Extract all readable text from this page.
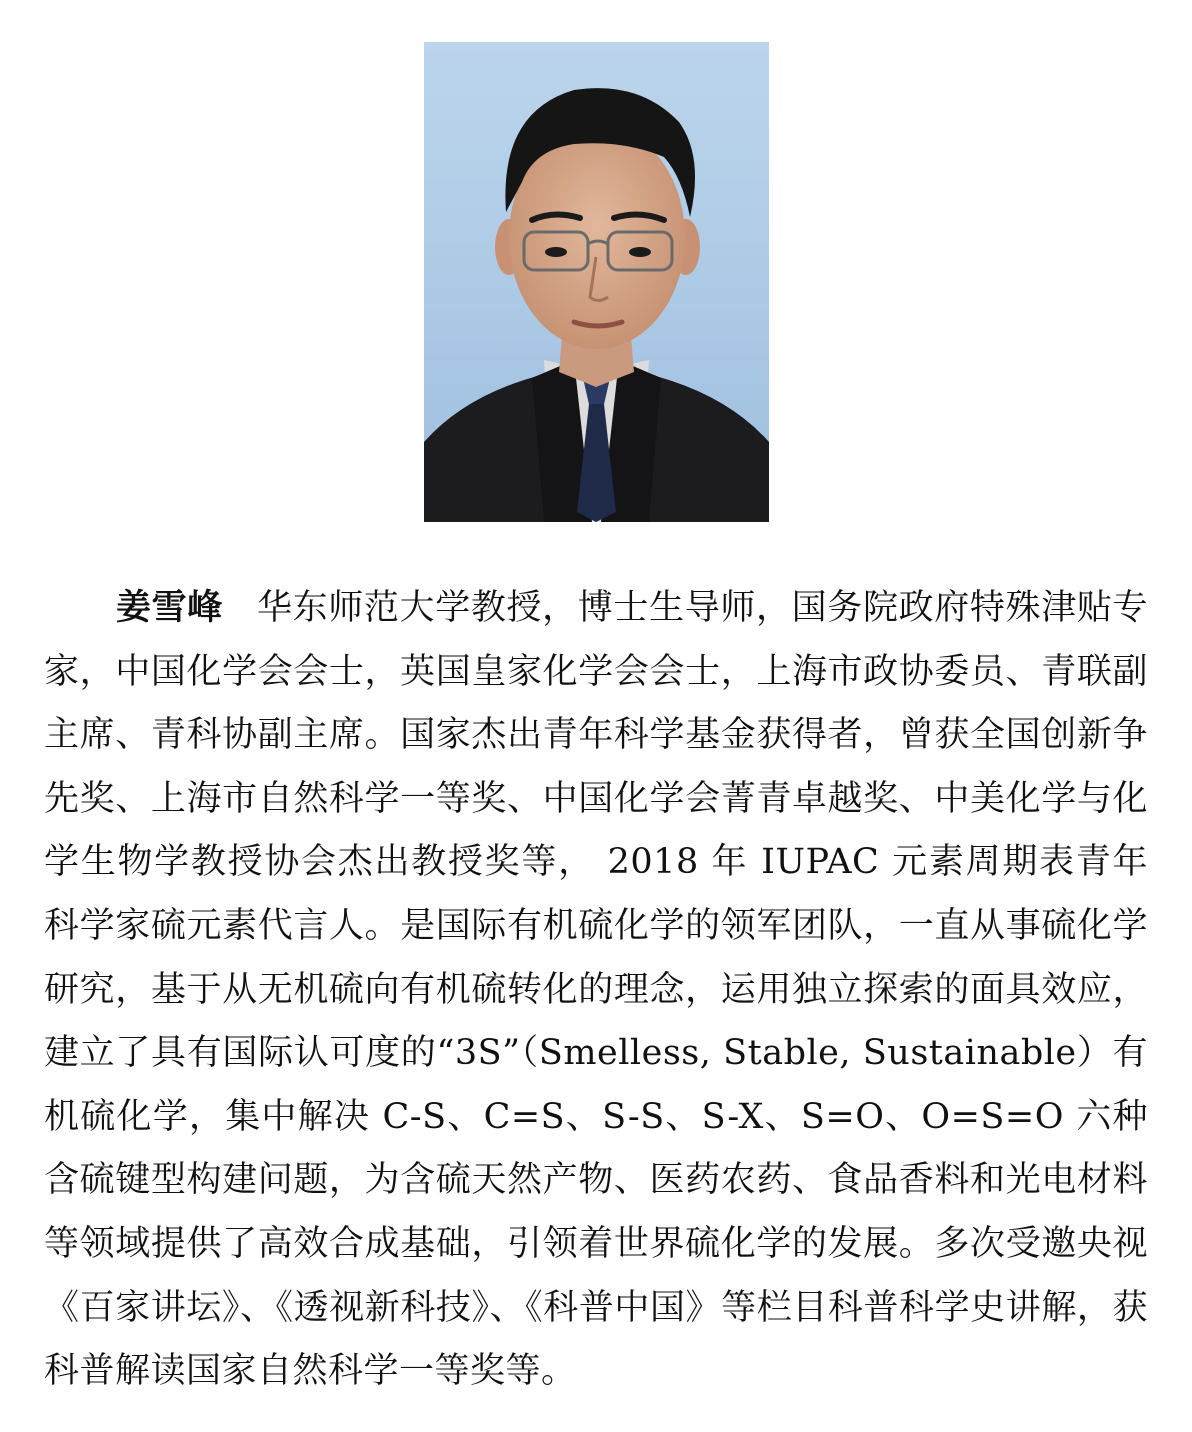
姜雪峰 华东师范大学教授，博士生导师，国务院政府特殊津贴专家，中国化学会会士，英国皇家化学会会士，上海市政协委员、青联副主席、青科协副主席。国家杰出青年科学基金获得者，曾获全国创新争先奖、上海市自然科学一等奖、中国化学会菁青卓越奖、中美化学与化学生物学教授协会杰出教授奖等， 2018 年 IUPAC 元素周期表青年科学家硫元素代言人。是国际有机硫化学的领军团队，一直从事硫化学研究，基于从无机硫向有机硫转化的理念，运用独立探索的面具效应，建立了具有国际认可度的“3S”（Smelless, Stable, Sustainable）有机硫化学，集中解决 C-S、C=S、S-S、S-X、S=O、O=S=O 六种含硫键型构建问题，为含硫天然产物、医药农药、食品香料和光电材料等领域提供了高效合成基础，引领着世界硫化学的发展。多次受邀央视《百家讲坛》、《透视新科技》、《科普中国》等栏目科普科学史讲解，获科普解读国家自然科学一等奖等。
